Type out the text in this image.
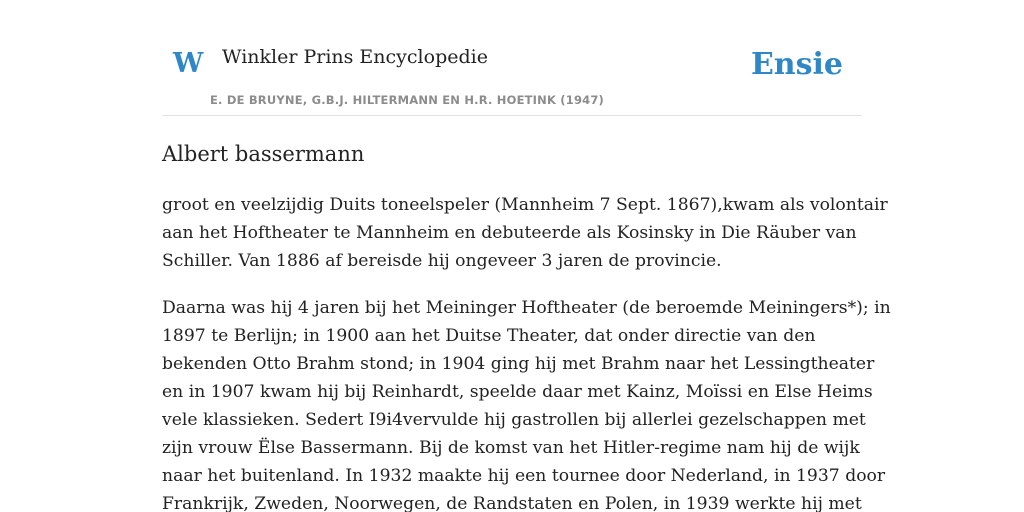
W Winkler Prins Encyclopedie
E. DE BRUYNE, G.B.J. HILTERMANN EN H.R. HOETINK (1947)
Ensie
Albert bassermann

groot en veelzijdig Duits toneelspeler (Mannheim 7 Sept. 1867),kwam als volontair
aan het Hoftheater te Mannheim en debuteerde als Kosinsky in Die Räuber van
Schiller. Van 1886 af bereisde hij ongeveer 3 jaren de provincie.

Daarna was hij 4 jaren bij het Meininger Hoftheater (de beroemde Meiningers*); in
1897 te Berlijn; in 1900 aan het Duitse Theater, dat onder directie van den
bekenden Otto Brahm stond; in 1904 ging hij met Brahm naar het Lessingtheater
en in 1907 kwam hij bij Reinhardt, speelde daar met Kainz, Moïssi en Else Heims
vele klassieken. Sedert I9i4vervulde hij gastrollen bij allerlei gezelschappen met
zijn vrouw Ëlse Bassermann. Bij de komst van het Hitler-regime nam hij de wijk
naar het buitenland. In 1932 maakte hij een tournee door Nederland, in 1937 door
Frankrijk, Zweden, Noorwegen, de Randstaten en Polen, in 1939 werkte hij met
